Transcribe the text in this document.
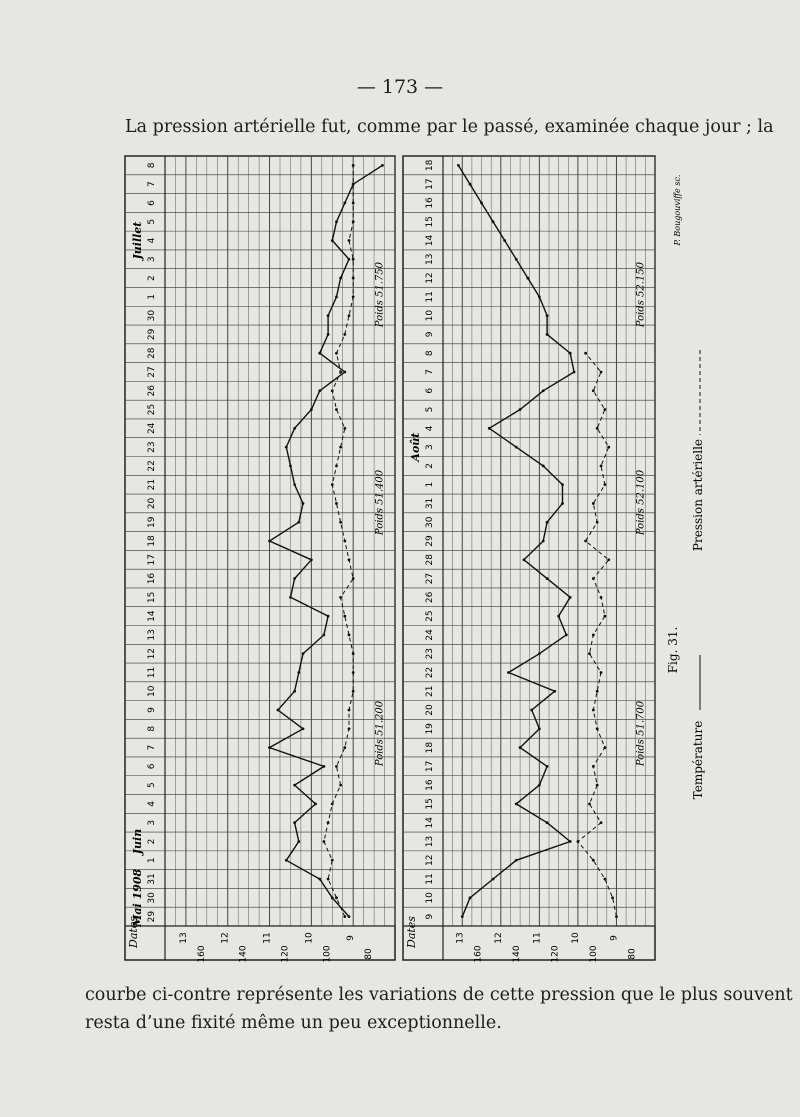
— 173 —
La pression artérielle fut, comme par le passé, examinée chaque jour ; la
29
30
31
1
2
3
4
5
6
7
8
9
10
11
12
13
14
15
16
17
18
19
20
21
22
23
24
25
26
27
28
29
30
1
2
3
4
5
6
7
8
Mai 1908
Juin
Juillet
Dates	13	12	11	10	9
160	140	120	100	80
Poids 51.200
Poids 51.400
Poids 51.750
9
10
11
12
13
14
15
16
17
18
19
20
21
22
23
24
25
26
27
28
29
30
31
1
2
3
4
5
6
7
8
9
10
11
12
13
14
15
16
17
18
Août
Dates	13	12	11	10	9
160	140	120	100	80
Poids 51.700
Poids 52.100
Poids 52.150
Fig. 31.
Température
Pression artérielle
P. Bougouviffe sc.
courbe ci-contre représente les variations de cette pression que le plus souvent
resta d’une fixité même un peu exceptionnelle.
